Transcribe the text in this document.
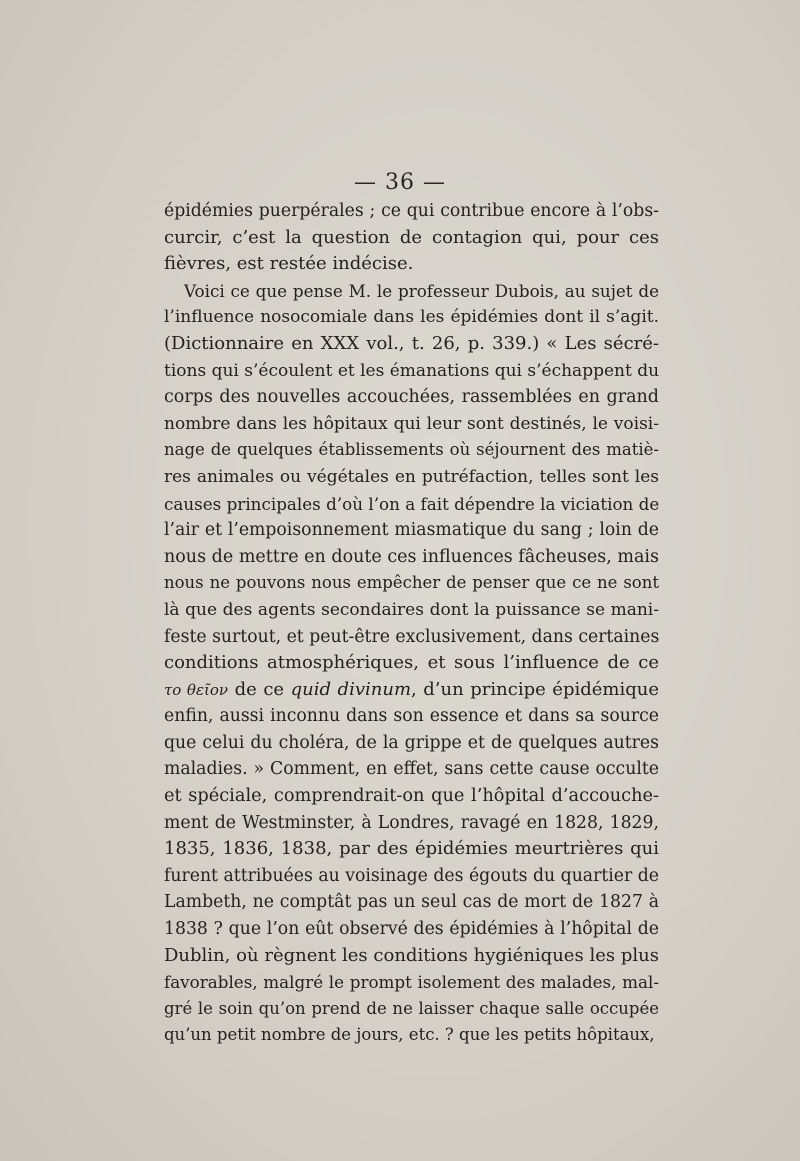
— 36 —
épidémies puerpérales ; ce qui contribue encore à l’obs-
curcir, c’est la question de contagion qui, pour ces
fièvres, est restée indécise.
Voici ce que pense M. le professeur Dubois, au sujet de
l’influence nosocomiale dans les épidémies dont il s’agit.
(Dictionnaire en XXX vol., t. 26, p. 339.) « Les sécré-
tions qui s’écoulent et les émanations qui s’échappent du
corps des nouvelles accouchées, rassemblées en grand
nombre dans les hôpitaux qui leur sont destinés, le voisi-
nage de quelques établissements où séjournent des matiè-
res animales ou végétales en putréfaction, telles sont les
causes principales d’où l’on a fait dépendre la viciation de
l’air et l’empoisonnement miasmatique du sang ; loin de
nous de mettre en doute ces influences fâcheuses, mais
nous ne pouvons nous empêcher de penser que ce ne sont
là que des agents secondaires dont la puissance se mani-
feste surtout, et peut-être exclusivement, dans certaines
conditions atmosphériques, et sous l’influence de ce
το θεῖον de ce quid divinum, d’un principe épidémique
enfin, aussi inconnu dans son essence et dans sa source
que celui du choléra, de la grippe et de quelques autres
maladies. » Comment, en effet, sans cette cause occulte
et spéciale, comprendrait-on que l’hôpital d’accouche-
ment de Westminster, à Londres, ravagé en 1828, 1829,
1835, 1836, 1838, par des épidémies meurtrières qui
furent attribuées au voisinage des égouts du quartier de
Lambeth, ne comptât pas un seul cas de mort de 1827 à
1838 ? que l’on eût observé des épidémies à l’hôpital de
Dublin, où règnent les conditions hygiéniques les plus
favorables, malgré le prompt isolement des malades, mal-
gré le soin qu’on prend de ne laisser chaque salle occupée
qu’un petit nombre de jours, etc. ? que les petits hôpitaux,
